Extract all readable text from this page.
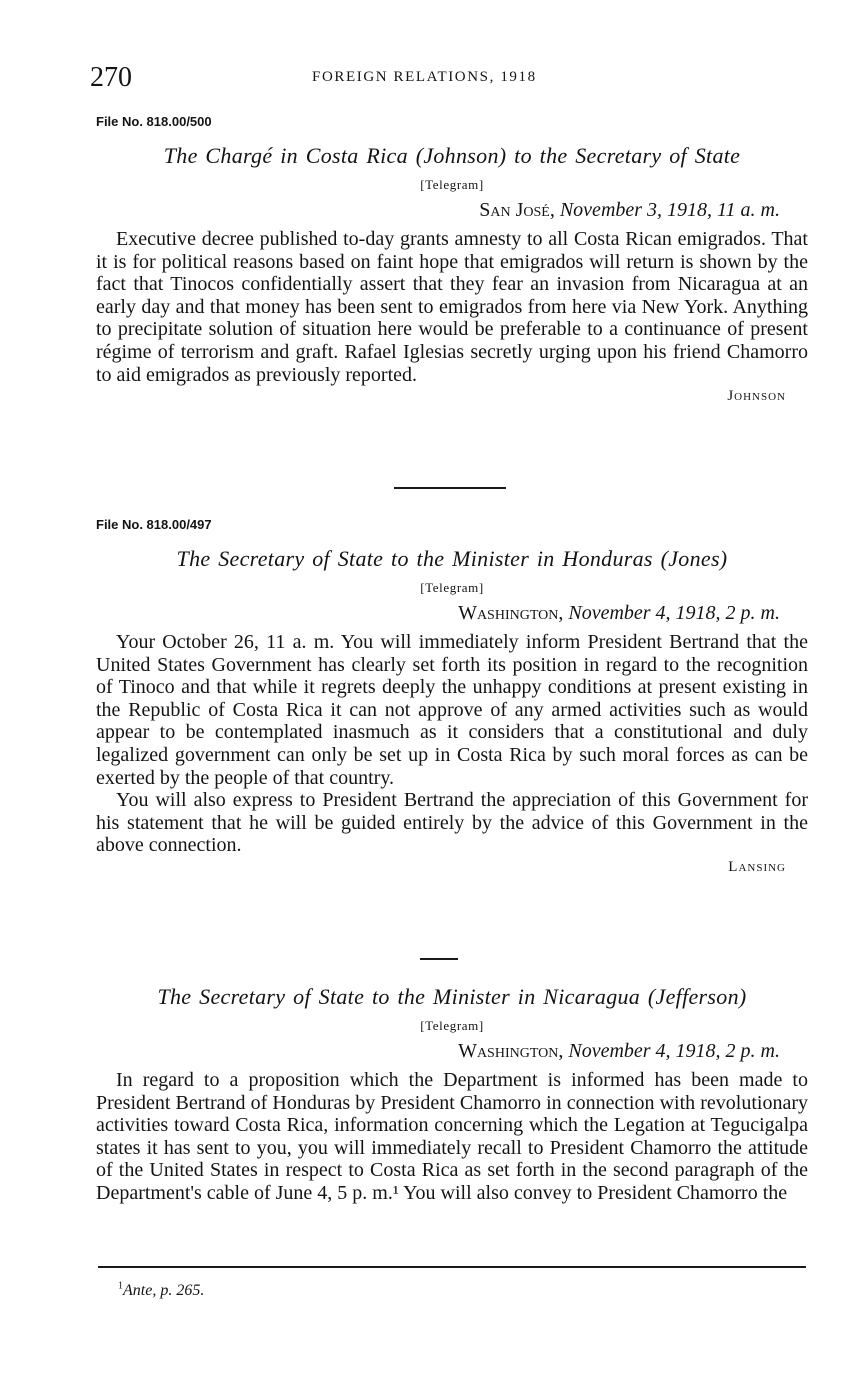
270	FOREIGN RELATIONS, 1918

File No. 818.00/500

The Chargé in Costa Rica (Johnson) to the Secretary of State

[Telegram]

San José, November 3, 1918, 11 a. m.

Executive decree published to-day grants amnesty to all Costa Rican emigrados. That it is for political reasons based on faint hope that emigrados will return is shown by the fact that Tinocos confidentially assert that they fear an invasion from Nicaragua at an early day and that money has been sent to emigrados from here via New York. Anything to precipitate solution of situation here would be preferable to a continuance of present régime of terrorism and graft. Rafael Iglesias secretly urging upon his friend Chamorro to aid emigrados as previously reported.

Johnson

File No. 818.00/497

The Secretary of State to the Minister in Honduras (Jones)

[Telegram]

Washington, November 4, 1918, 2 p. m.

Your October 26, 11 a. m. You will immediately inform President Bertrand that the United States Government has clearly set forth its position in regard to the recognition of Tinoco and that while it regrets deeply the unhappy conditions at present existing in the Republic of Costa Rica it can not approve of any armed activities such as would appear to be contemplated inasmuch as it considers that a constitutional and duly legalized government can only be set up in Costa Rica by such moral forces as can be exerted by the people of that country.

You will also express to President Bertrand the appreciation of this Government for his statement that he will be guided entirely by the advice of this Government in the above connection.

Lansing

The Secretary of State to the Minister in Nicaragua (Jefferson)

[Telegram]

Washington, November 4, 1918, 2 p. m.

In regard to a proposition which the Department is informed has been made to President Bertrand of Honduras by President Chamorro in connection with revolutionary activities toward Costa Rica, information concerning which the Legation at Tegucigalpa states it has sent to you, you will immediately recall to President Chamorro the attitude of the United States in respect to Costa Rica as set forth in the second paragraph of the Department's cable of June 4, 5 p. m.¹ You will also convey to President Chamorro the

$^1$Ante, p. 265.
